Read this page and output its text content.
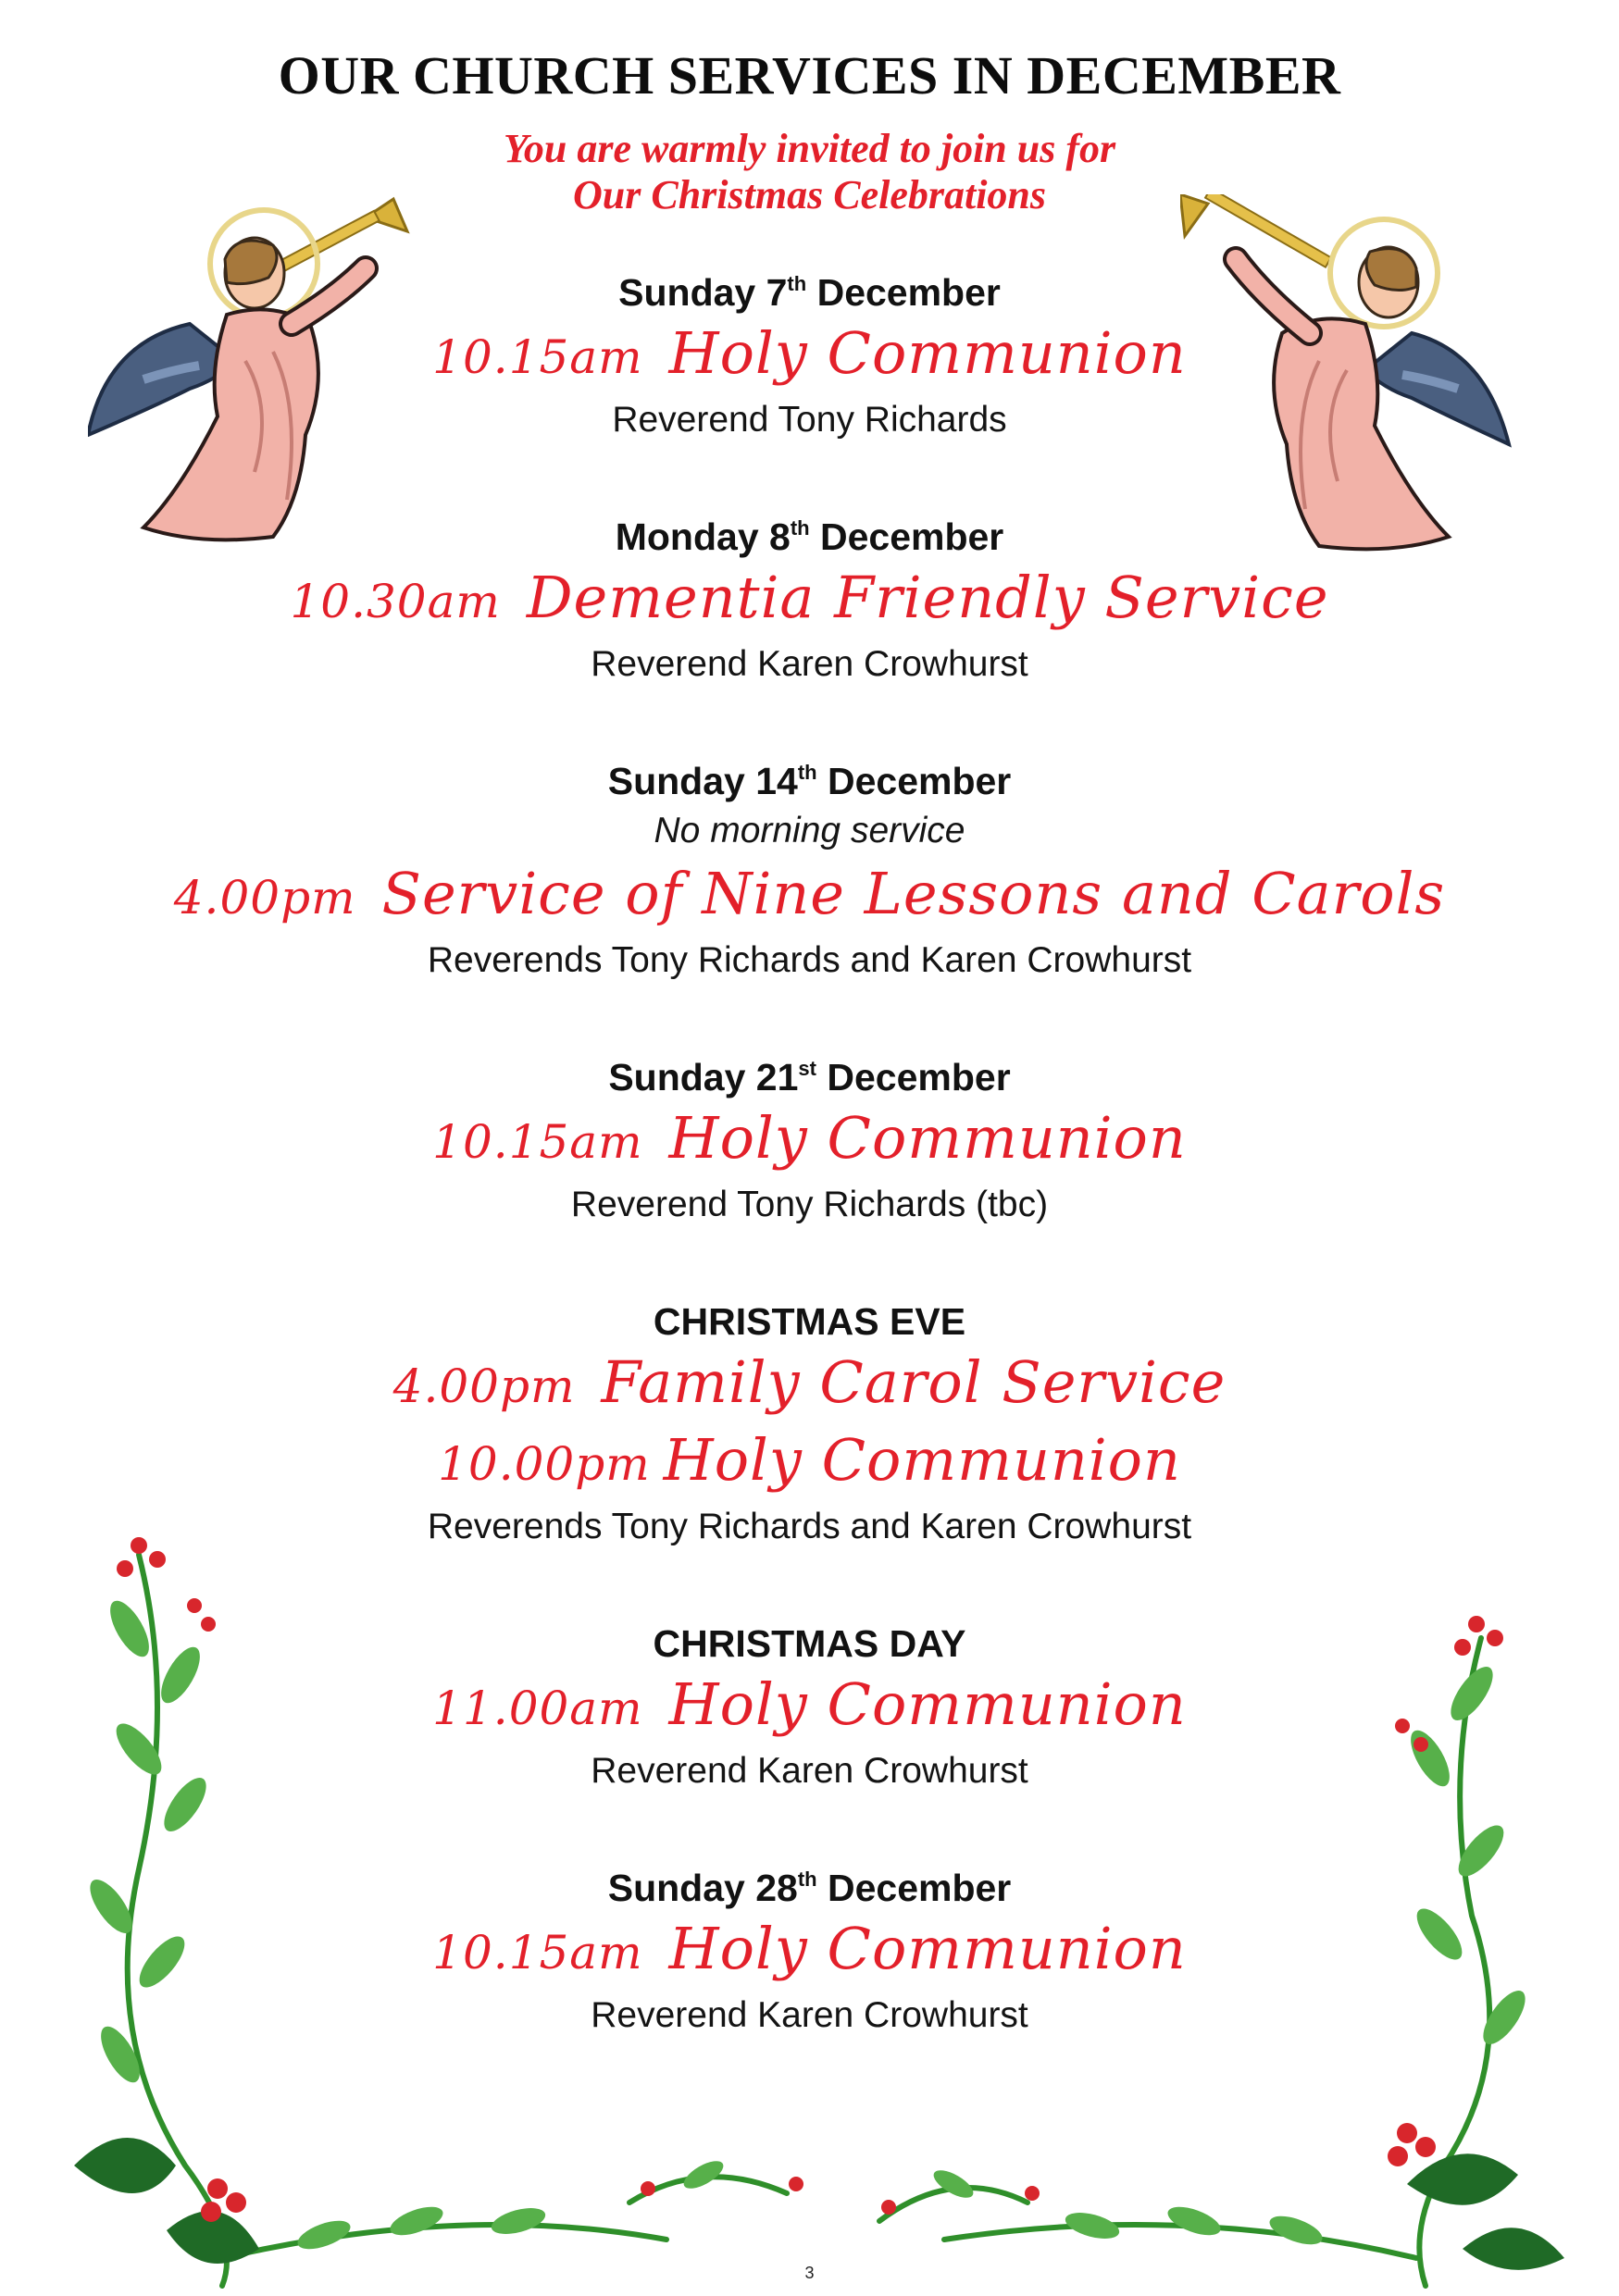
OUR CHURCH SERVICES IN DECEMBER
You are warmly invited to join us for
Our Christmas Celebrations
Sunday 7th December
10.15am Holy Communion
Reverend Tony Richards
Monday 8th December
10.30am Dementia Friendly Service
Reverend Karen Crowhurst
Sunday 14th December
No morning service
4.00pm Service of Nine Lessons and Carols
Reverends Tony Richards and Karen Crowhurst
Sunday 21st December
10.15am Holy Communion
Reverend Tony Richards (tbc)
CHRISTMAS EVE
4.00pm Family Carol Service
10.00pm Holy Communion
Reverends Tony Richards and Karen Crowhurst
CHRISTMAS DAY
11.00am Holy Communion
Reverend Karen Crowhurst
Sunday 28th December
10.15am Holy Communion
Reverend Karen Crowhurst
3
